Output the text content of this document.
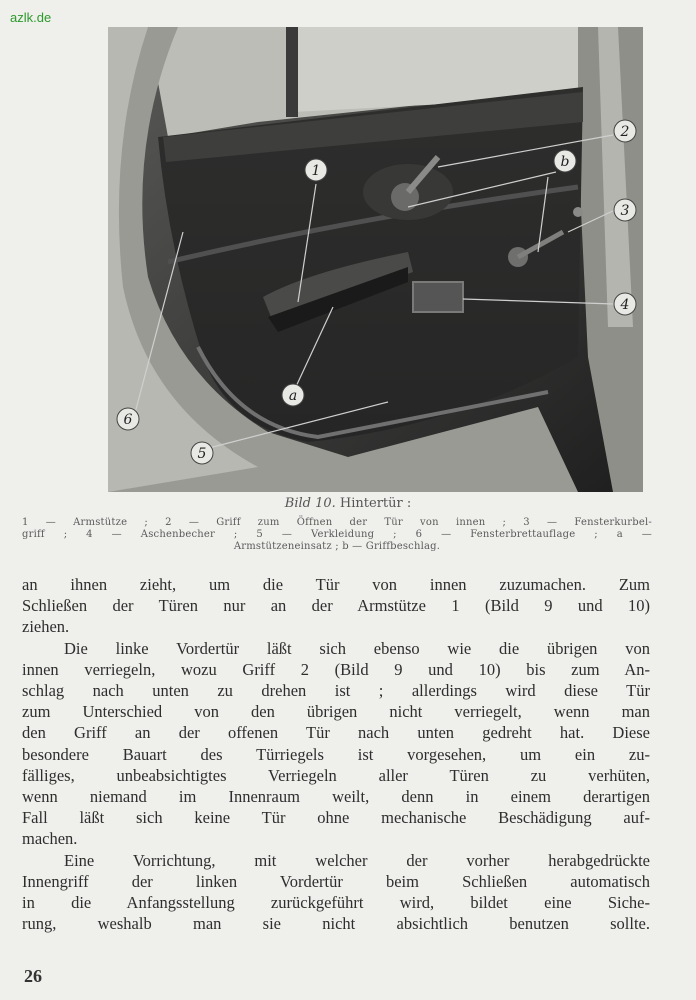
azlk.de
1
2
b
3
4
a
6
5
Bild 10. Hintertür :
1 — Armstütze ; 2 — Griff zum Öffnen der Tür von innen ; 3 — Fensterkurbel-
griff ; 4 — Aschenbecher ; 5 — Verkleidung ; 6 — Fensterbrettauflage ; a —
Armstützeneinsatz ; b — Griffbeschlag.
an ihnen zieht, um die Tür von innen zuzumachen. Zum
Schließen der Türen nur an der Armstütze 1 (Bild 9 und 10)
ziehen.
Die linke Vordertür läßt sich ebenso wie die übrigen von
innen verriegeln, wozu Griff 2 (Bild 9 und 10) bis zum An-
schlag nach unten zu drehen ist ; allerdings wird diese Tür
zum Unterschied von den übrigen nicht verriegelt, wenn man
den Griff an der offenen Tür nach unten gedreht hat. Diese
besondere Bauart des Türriegels ist vorgesehen, um ein zu-
fälliges, unbeabsichtigtes Verriegeln aller Türen zu verhüten,
wenn niemand im Innenraum weilt, denn in einem derartigen
Fall läßt sich keine Tür ohne mechanische Beschädigung auf-
machen.
Eine Vorrichtung, mit welcher der vorher herabgedrückte
Innengriff der linken Vordertür beim Schließen automatisch
in die Anfangsstellung zurückgeführt wird, bildet eine Siche-
rung, weshalb man sie nicht absichtlich benutzen sollte.
26
